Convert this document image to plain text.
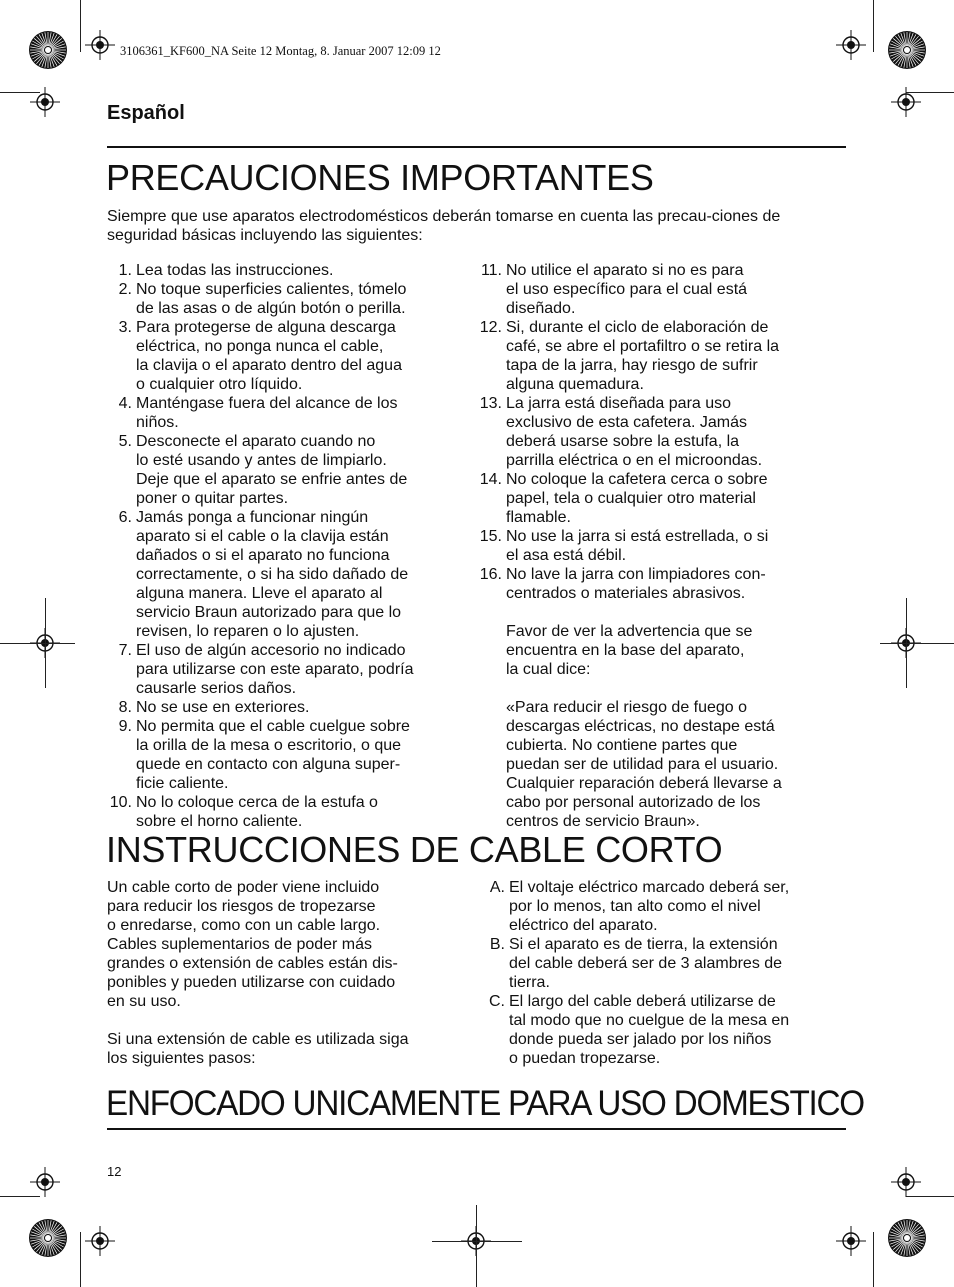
3106361_KF600_NA Seite 12 Montag, 8. Januar 2007 12:09 12
Español
PRECAUCIONES IMPORTANTES
Siempre que use aparatos electrodomésticos deberán tomarse en cuenta las precau-ciones de seguridad básicas incluyendo las siguientes:
1. Lea todas las instrucciones.
2. No toque superficies calientes, tómelo
de las asas o de algún botón o perilla.
3. Para protegerse de alguna descarga
eléctrica, no ponga nunca el cable,
la clavija o el aparato dentro del agua
o cualquier otro líquido.
4. Manténgase fuera del alcance de los
niños.
5. Desconecte el aparato cuando no
lo esté usando y antes de limpiarlo.
Deje que el aparato se enfrie antes de
poner o quitar partes.
6. Jamás ponga a funcionar ningún
aparato si el cable o la clavija están
dañados o si el aparato no funciona
correctamente, o si ha sido dañado de
alguna manera. Lleve el aparato al
servicio Braun autorizado para que lo
revisen, lo reparen o lo ajusten.
7. El uso de algún accesorio no indicado
para utilizarse con este aparato, podría
causarle serios daños.
8. No se use en exteriores.
9. No permita que el cable cuelgue sobre
la orilla de la mesa o escritorio, o que
quede en contacto con alguna super-
ficie caliente.
10. No lo coloque cerca de la estufa o
sobre el horno caliente.
11. No utilice el aparato si no es para
el uso específico para el cual está
diseñado.
12. Si, durante el ciclo de elaboración de
café, se abre el portafiltro o se retira la
tapa de la jarra, hay riesgo de sufrir
alguna quemadura.
13. La jarra está diseñada para uso
exclusivo de esta cafetera. Jamás
deberá usarse sobre la estufa, la
parrilla eléctrica o en el microondas.
14. No coloque la cafetera cerca o sobre
papel, tela o cualquier otro material
flamable.
15. No use la jarra si está estrellada, o si
el asa está débil.
16. No lave la jarra con limpiadores con-
centrados o materiales abrasivos.
Favor de ver la advertencia que se
encuentra en la base del aparato,
la cual dice:
«Para reducir el riesgo de fuego o
descargas eléctricas, no destape está
cubierta. No contiene partes que
puedan ser de utilidad para el usuario.
Cualquier reparación deberá llevarse a
cabo por personal autorizado de los
centros de servicio Braun».
INSTRUCCIONES DE CABLE CORTO
Un cable corto de poder viene incluido
para reducir los riesgos de tropezarse
o enredarse, como con un cable largo.
Cables suplementarios de poder más
grandes o extensión de cables están dis-
ponibles y pueden utilizarse con cuidado
en su uso.
Si una extensión de cable es utilizada siga
los siguientes pasos:
A. El voltaje eléctrico marcado deberá ser,
por lo menos, tan alto como el nivel
eléctrico del aparato.
B. Si el aparato es de tierra, la extensión
del cable deberá ser de 3 alambres de
tierra.
C. El largo del cable deberá utilizarse de
tal modo que no cuelgue de la mesa en
donde pueda ser jalado por los niños
o puedan tropezarse.
ENFOCADO UNICAMENTE PARA USO DOMESTICO
12
